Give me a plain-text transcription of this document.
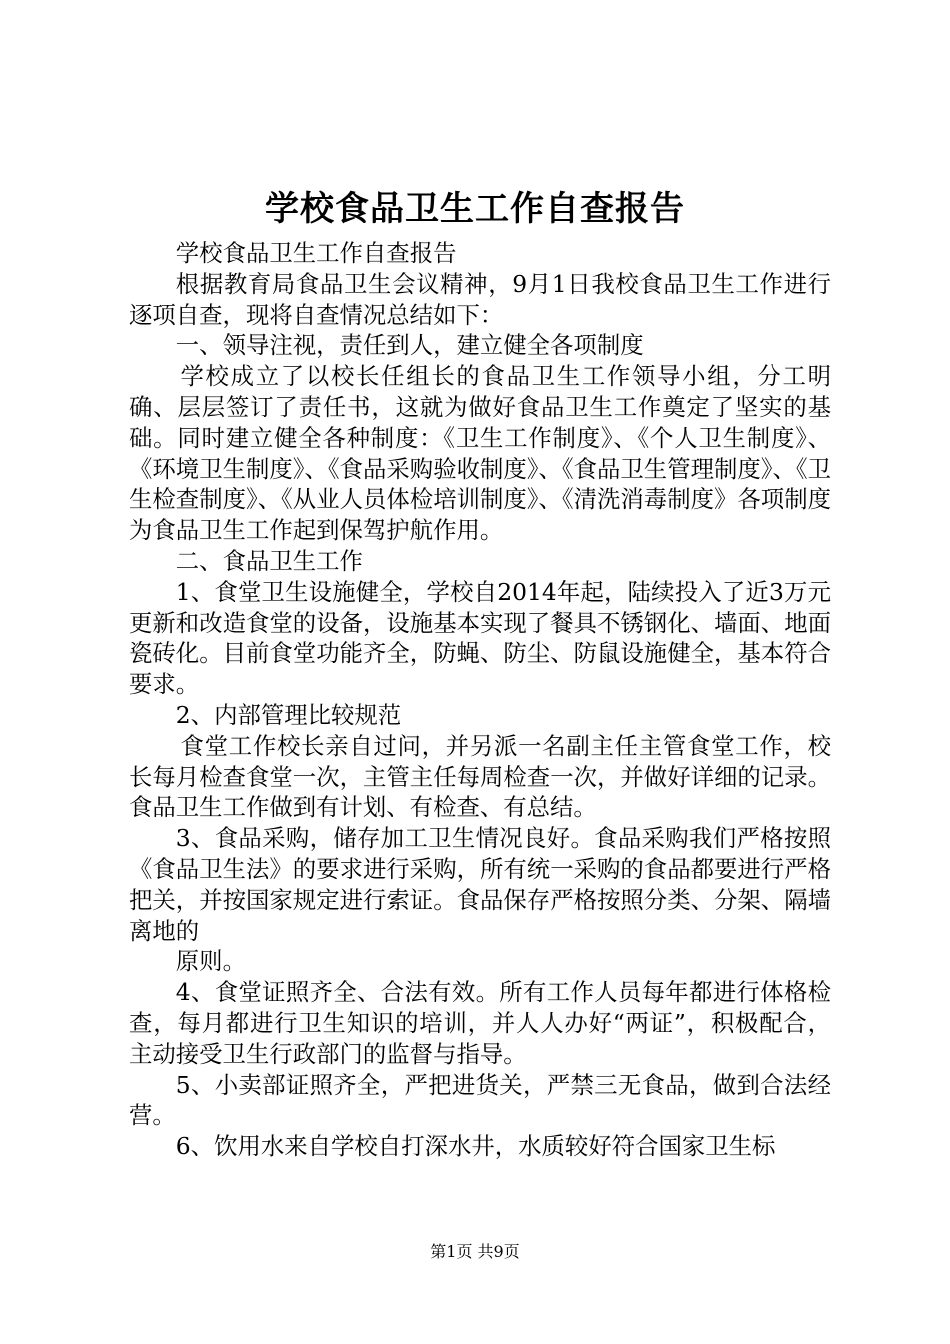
学校食品卫生工作自查报告

学校食品卫生工作自查报告

根据教育局食品卫生会议精神，9月1日我校食品卫生工作进行逐项自查，现将自查情况总结如下：

一、领导注视，责任到人，建立健全各项制度

学校成立了以校长任组长的食品卫生工作领导小组，分工明确、层层签订了责任书，这就为做好食品卫生工作奠定了坚实的基础。同时建立健全各种制度：《卫生工作制度》、《个人卫生制度》、《环境卫生制度》、《食品采购验收制度》、《食品卫生管理制度》、《卫生检查制度》、《从业人员体检培训制度》、《清洗消毒制度》各项制度为食品卫生工作起到保驾护航作用。

二、食品卫生工作

1、食堂卫生设施健全，学校自2014年起，陆续投入了近3万元更新和改造食堂的设备，设施基本实现了餐具不锈钢化、墙面、地面瓷砖化。目前食堂功能齐全，防蝇、防尘、防鼠设施健全，基本符合要求。

2、内部管理比较规范

食堂工作校长亲自过问，并另派一名副主任主管食堂工作，校长每月检查食堂一次，主管主任每周检查一次，并做好详细的记录。食品卫生工作做到有计划、有检查、有总结。

3、食品采购，储存加工卫生情况良好。食品采购我们严格按照《食品卫生法》的要求进行采购，所有统一采购的食品都要进行严格把关，并按国家规定进行索证。食品保存严格按照分类、分架、隔墙离地的

原则。

4、食堂证照齐全、合法有效。所有工作人员每年都进行体格检查，每月都进行卫生知识的培训，并人人办好“两证”，积极配合，主动接受卫生行政部门的监督与指导。

5、小卖部证照齐全，严把进货关，严禁三无食品，做到合法经营。

6、饮用水来自学校自打深水井，水质较好符合国家卫生标

第1页 共9页
